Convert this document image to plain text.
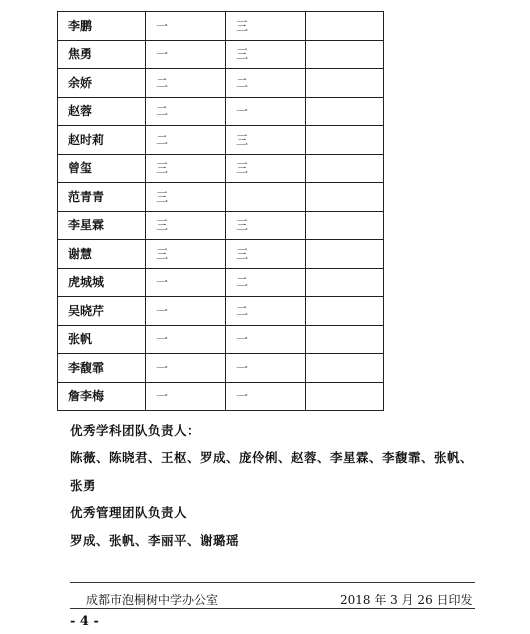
李鹏	一	三	
焦勇	一	三	
余娇	二	二	
赵蓉	二	一	
赵时莉	二	三	
曾玺	三	三	
范青青	三		
李星霖	三	三	
谢慧	三	三	
虎城城	一	二	
吴晓芹	一	二	
张帆	一	一	
李馥霏	一	一	
詹李梅	一	一	
优秀学科团队负责人：
陈薇、陈晓君、王枢、罗成、庞伶俐、赵蓉、李星霖、李馥霏、张帆、
张勇
优秀管理团队负责人
罗成、张帆、李丽平、谢璐瑶
成都市泡桐树中学办公室	2018 年 3 月 26 日印发
- 4 -
